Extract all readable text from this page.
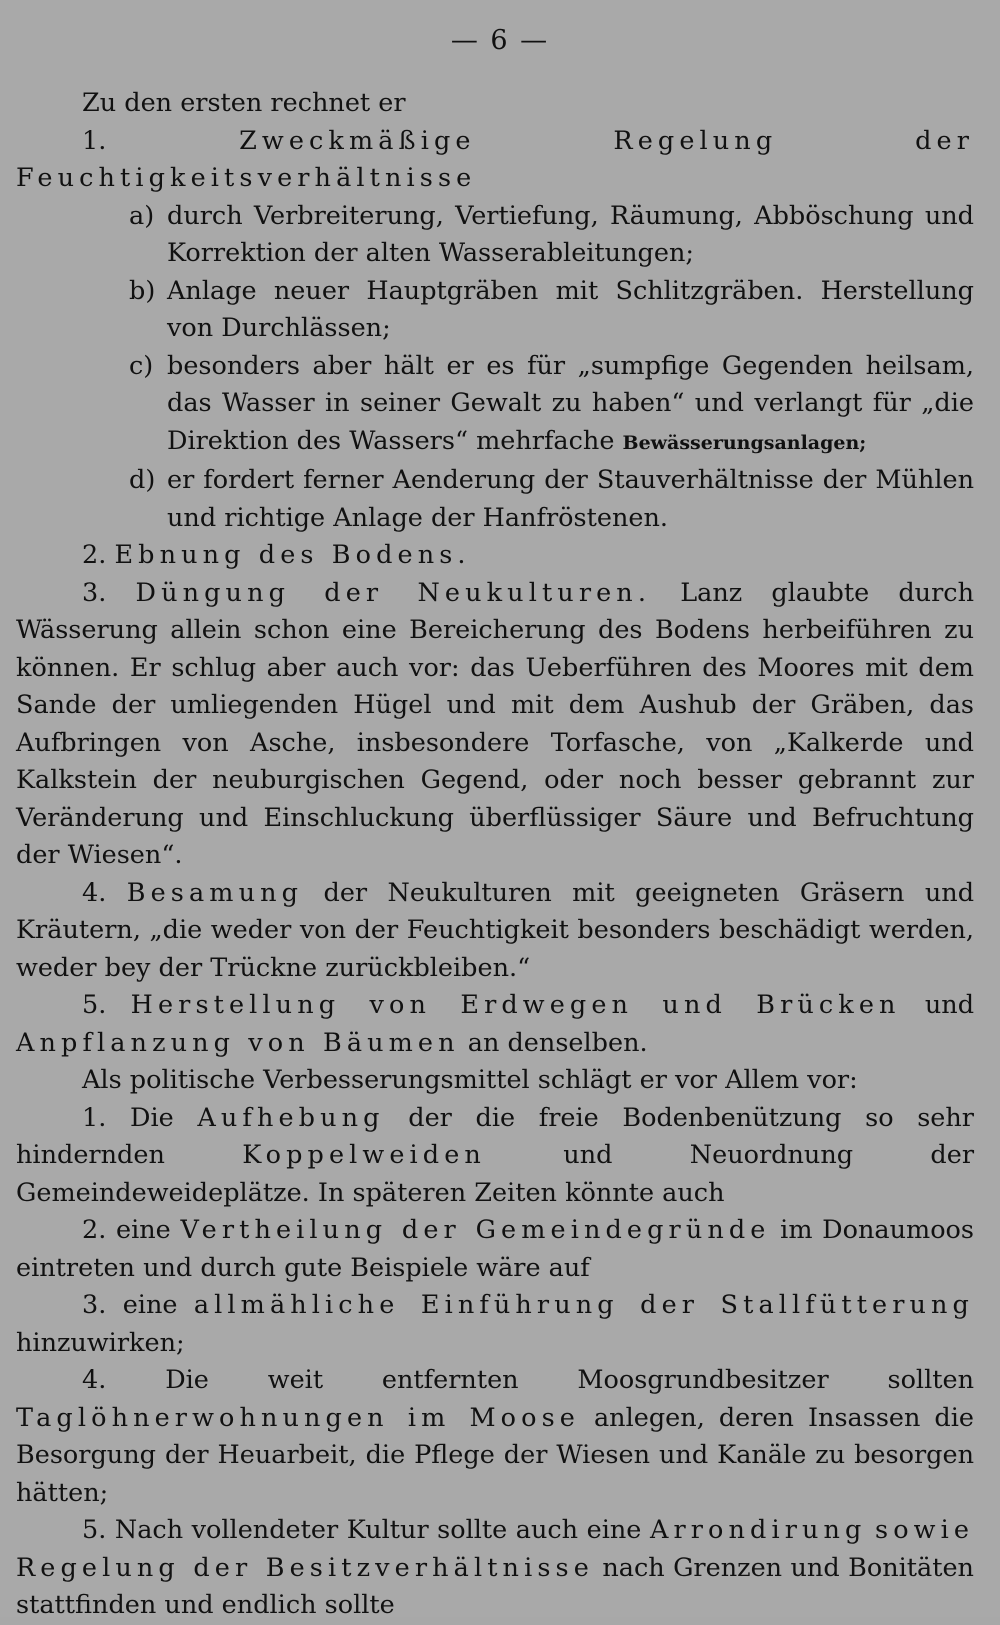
— 6 —

Zu den ersten rechnet er

1.	Zweckmäßige Regelung der Feuchtigkeitsverhältnisse

a) durch Verbreiterung, Vertiefung, Räumung, Abböschung und Korrektion der alten Wasserableitungen;
b) Anlage neuer Hauptgräben mit Schlitzgräben. Herstellung von Durchlässen;
c) besonders aber hält er es für „sumpfige Gegenden heilsam, das Wasser in seiner Gewalt zu haben“ und verlangt für „die Direktion des Wassers“ mehrfache Bewässerungsanlagen;
d) er fordert ferner Aenderung der Stauverhältnisse der Mühlen und richtige Anlage der Hanfröstenen.

2. Ebnung des Bodens.

3. Düngung der Neukulturen. Lanz glaubte durch Wässerung allein schon eine Bereicherung des Bodens herbeiführen zu können. Er schlug aber auch vor: das Ueberführen des Moores mit dem Sande der umliegenden Hügel und mit dem Aushub der Gräben, das Aufbringen von Asche, insbesondere Torfasche, von „Kalkerde und Kalkstein der neuburgischen Gegend, oder noch besser gebrannt zur Veränderung und Einschluckung überflüssiger Säure und Befruchtung der Wiesen“.

4. Besamung der Neukulturen mit geeigneten Gräsern und Kräutern, „die weder von der Feuchtigkeit besonders beschädigt werden, weder bey der Trückne zurückbleiben.“

5. Herstellung von Erdwegen und Brücken und Anpflanzung von Bäumen an denselben.

Als politische Verbesserungsmittel schlägt er vor Allem vor:

1. Die Aufhebung der die freie Bodenbenützung so sehr hindernden	Koppelweiden	und Neuordnung der Gemeindeweideplätze. In späteren Zeiten könnte auch

2. eine Vertheilung der Gemeindegründe im Donaumoos eintreten und durch gute Beispiele wäre auf

3. eine allmähliche Einführung der Stallfütterung hinzuwirken;

4. Die weit entfernten Moosgrundbesitzer sollten Taglöhnerwohnungen im Moose anlegen, deren Insassen die Besorgung der Heuarbeit, die Pflege der Wiesen und Kanäle zu besorgen hätten;

5. Nach vollendeter Kultur sollte auch eine Arrondirung sowie Regelung der Besitzverhältnisse nach Grenzen und Bonitäten stattfinden und endlich sollte
